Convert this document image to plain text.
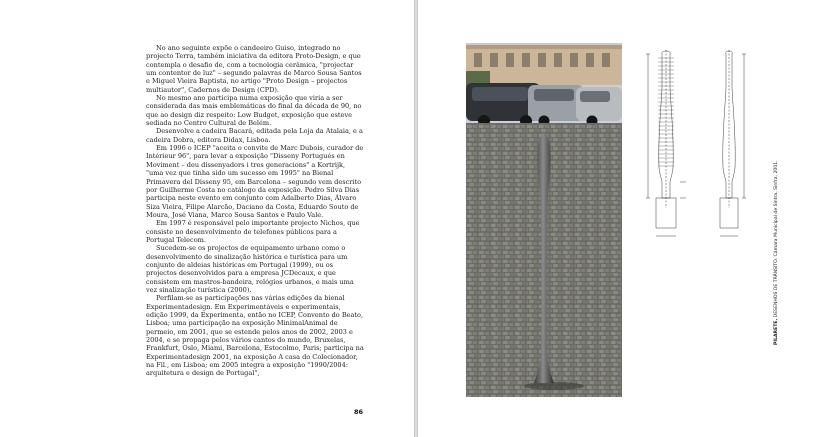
No ano seguinte expõe o candeeiro Guiso, integrado no projecto Terra, também iniciativa da editora Proto-Design, e que contempla o desafio de, com a tecnologia cerâmica, "projectar um contentor de luz" – segundo palavras de Marco Sousa Santos e Miguel Vieira Baptista, no artigo "Proto Design – projectos multiautor", Cadernos de Design (CPD).

No mesmo ano participa numa exposição que viria a ser considerada das mais emblemáticas do final da década de 90, no que ao design diz respeito: Low Budget, exposição que esteve sediada no Centro Cultural de Belém.

Desenvolve a cadeira Bacará, editada pela Loja da Atalaia, e a cadeira Dobra, editora Didax, Lisboa.

Em 1996 o ICEP "aceita o convite de Marc Dubois, curador de Intérieur 96", para levar a exposição "Disseny Portugués en Moviment – deu dissenyadors i tres generacions" a Kortrijk, "uma vez que tinha sido um sucesso em 1995" na Bienal Primavera del Disseny 95, em Barcelona – segundo vem descrito por Guilherme Costa no catálogo da exposição. Pedro Silva Dias participa neste evento em conjunto com Adalberto Dias, Álvaro Siza Vieira, Filipe Alarcão, Daciano da Costa, Eduardo Souto de Moura, José Viana, Marco Sousa Santos e Paulo Vale.

Em 1997 é responsável pelo importante projecto Nichos, que consiste no desenvolvimento de telefones públicos para a Portugal Telecom.

Sucedem-se os projectos de equipamento urbano como o desenvolvimento de sinalização histórica e turística para um conjunto de aldeias históricas em Portugal (1999), ou os projectos desenvolvidos para a empresa JCDecaux, e que consistem em mastros-bandeira, relógios urbanos, e mais uma vez sinalização turística (2000).

Perfilam-se as participações nas várias edições da bienal Experimentadesign. Em Experimentáveis e experimentais, edição 1999, da Experimenta, então no ICEP, Convento do Beato, Lisboa; uma participação na exposição MinimalAnimal de permeio, em 2001, que se estende pelos anos de 2002, 2003 e 2004, e se propaga pelos vários cantos do mundo, Bruxelas, Frankfurt, Oslo, Miami, Barcelona, Estocolmo, Paris; participa na Experimentadesign 2001, na exposição A casa do Colecionador, na Fil., em Lisboa; em 2005 integra a exposição "1990/2004: arquitetura e design de Portugal",

86
PILARETE, DESENHOS DE TRÂNSITO. Câmara Municipal de Sintra, Sinfra, 2001.
